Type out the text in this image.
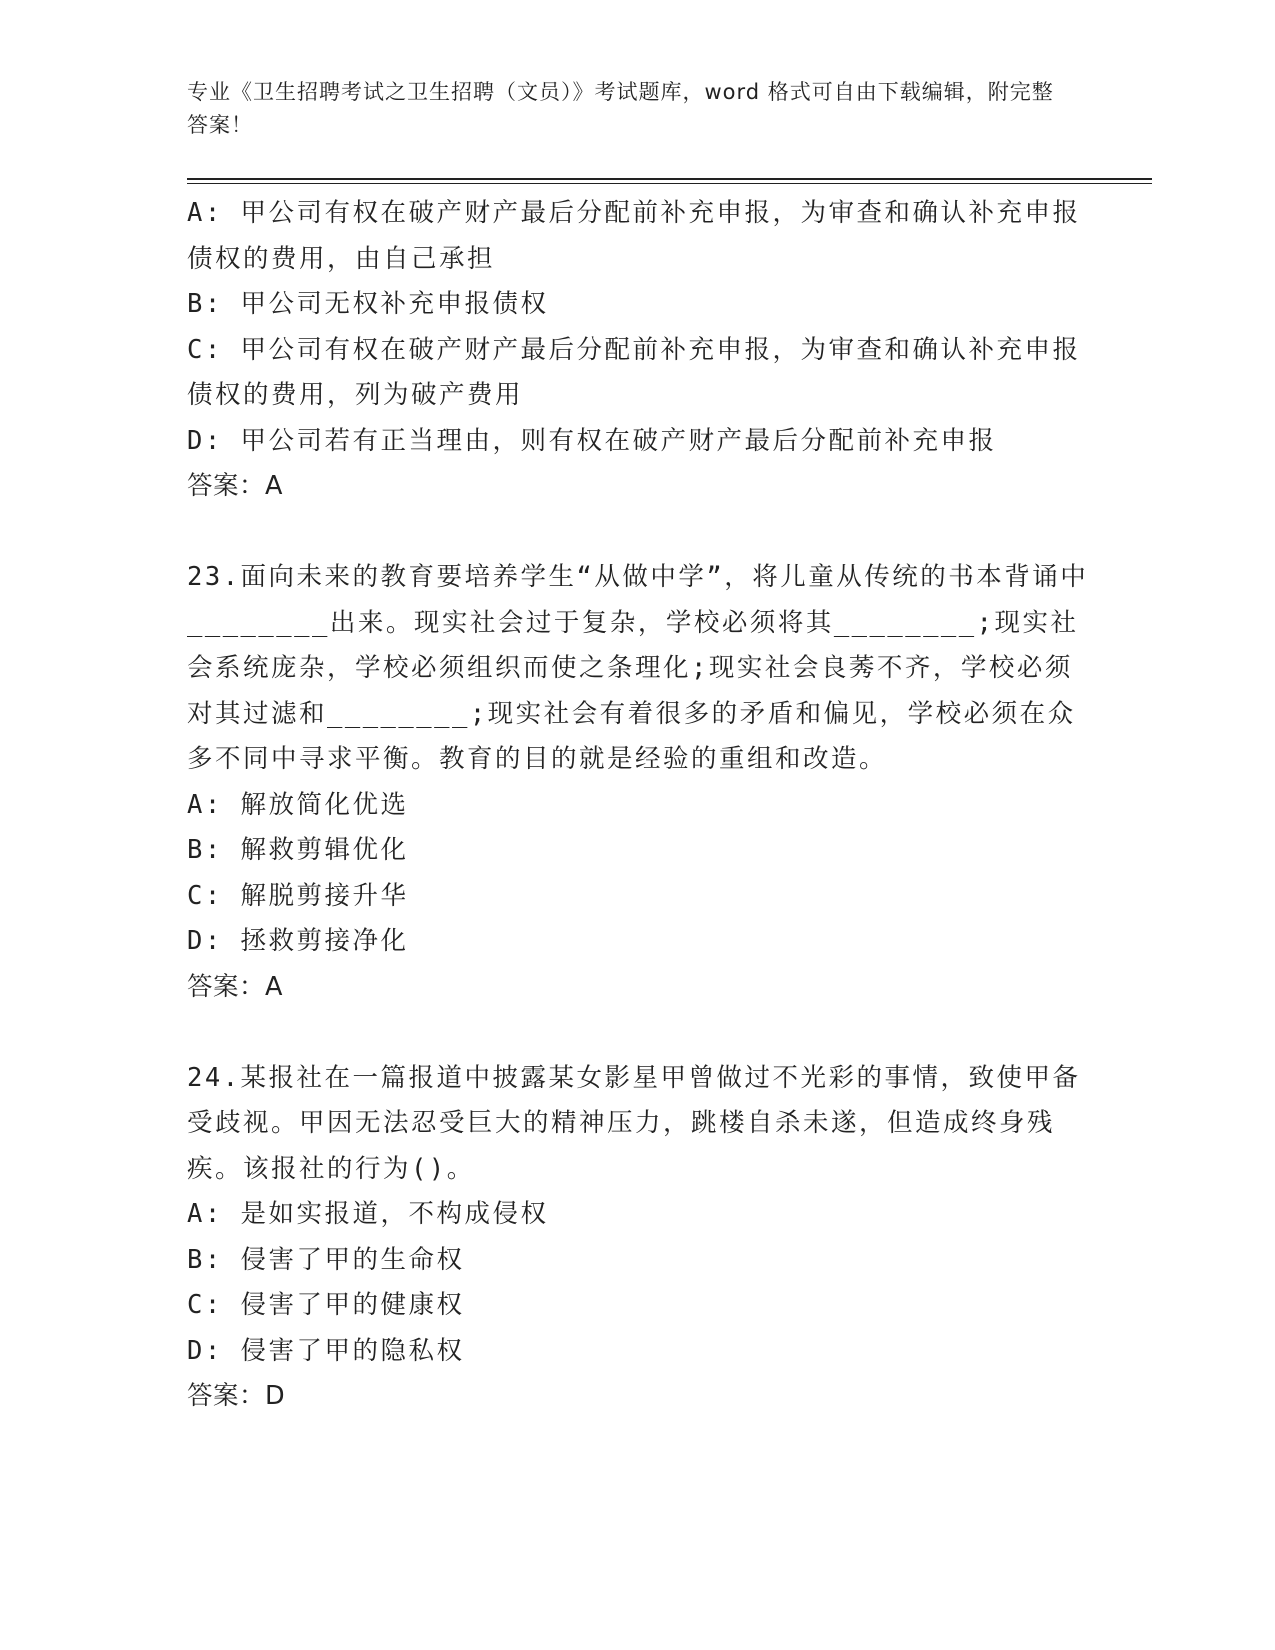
专业《卫生招聘考试之卫生招聘（文员）》考试题库，word 格式可自由下载编辑，附完整答案！
A: 甲公司有权在破产财产最后分配前补充申报，为审查和确认补充申报债权的费用，由自己承担
B: 甲公司无权补充申报债权
C: 甲公司有权在破产财产最后分配前补充申报，为审查和确认补充申报债权的费用，列为破产费用
D: 甲公司若有正当理由，则有权在破产财产最后分配前补充申报
答案：A
23.面向未来的教育要培养学生“从做中学”，将儿童从传统的书本背诵中________出来。现实社会过于复杂，学校必须将其________;现实社会系统庞杂，学校必须组织而使之条理化;现实社会良莠不齐，学校必须对其过滤和________;现实社会有着很多的矛盾和偏见，学校必须在众多不同中寻求平衡。教育的目的就是经验的重组和改造。
A: 解放简化优选
B: 解救剪辑优化
C: 解脱剪接升华
D: 拯救剪接净化
答案：A
24.某报社在一篇报道中披露某女影星甲曾做过不光彩的事情，致使甲备受歧视。甲因无法忍受巨大的精神压力，跳楼自杀未遂，但造成终身残疾。该报社的行为()。
A: 是如实报道，不构成侵权
B: 侵害了甲的生命权
C: 侵害了甲的健康权
D: 侵害了甲的隐私权
答案：D
